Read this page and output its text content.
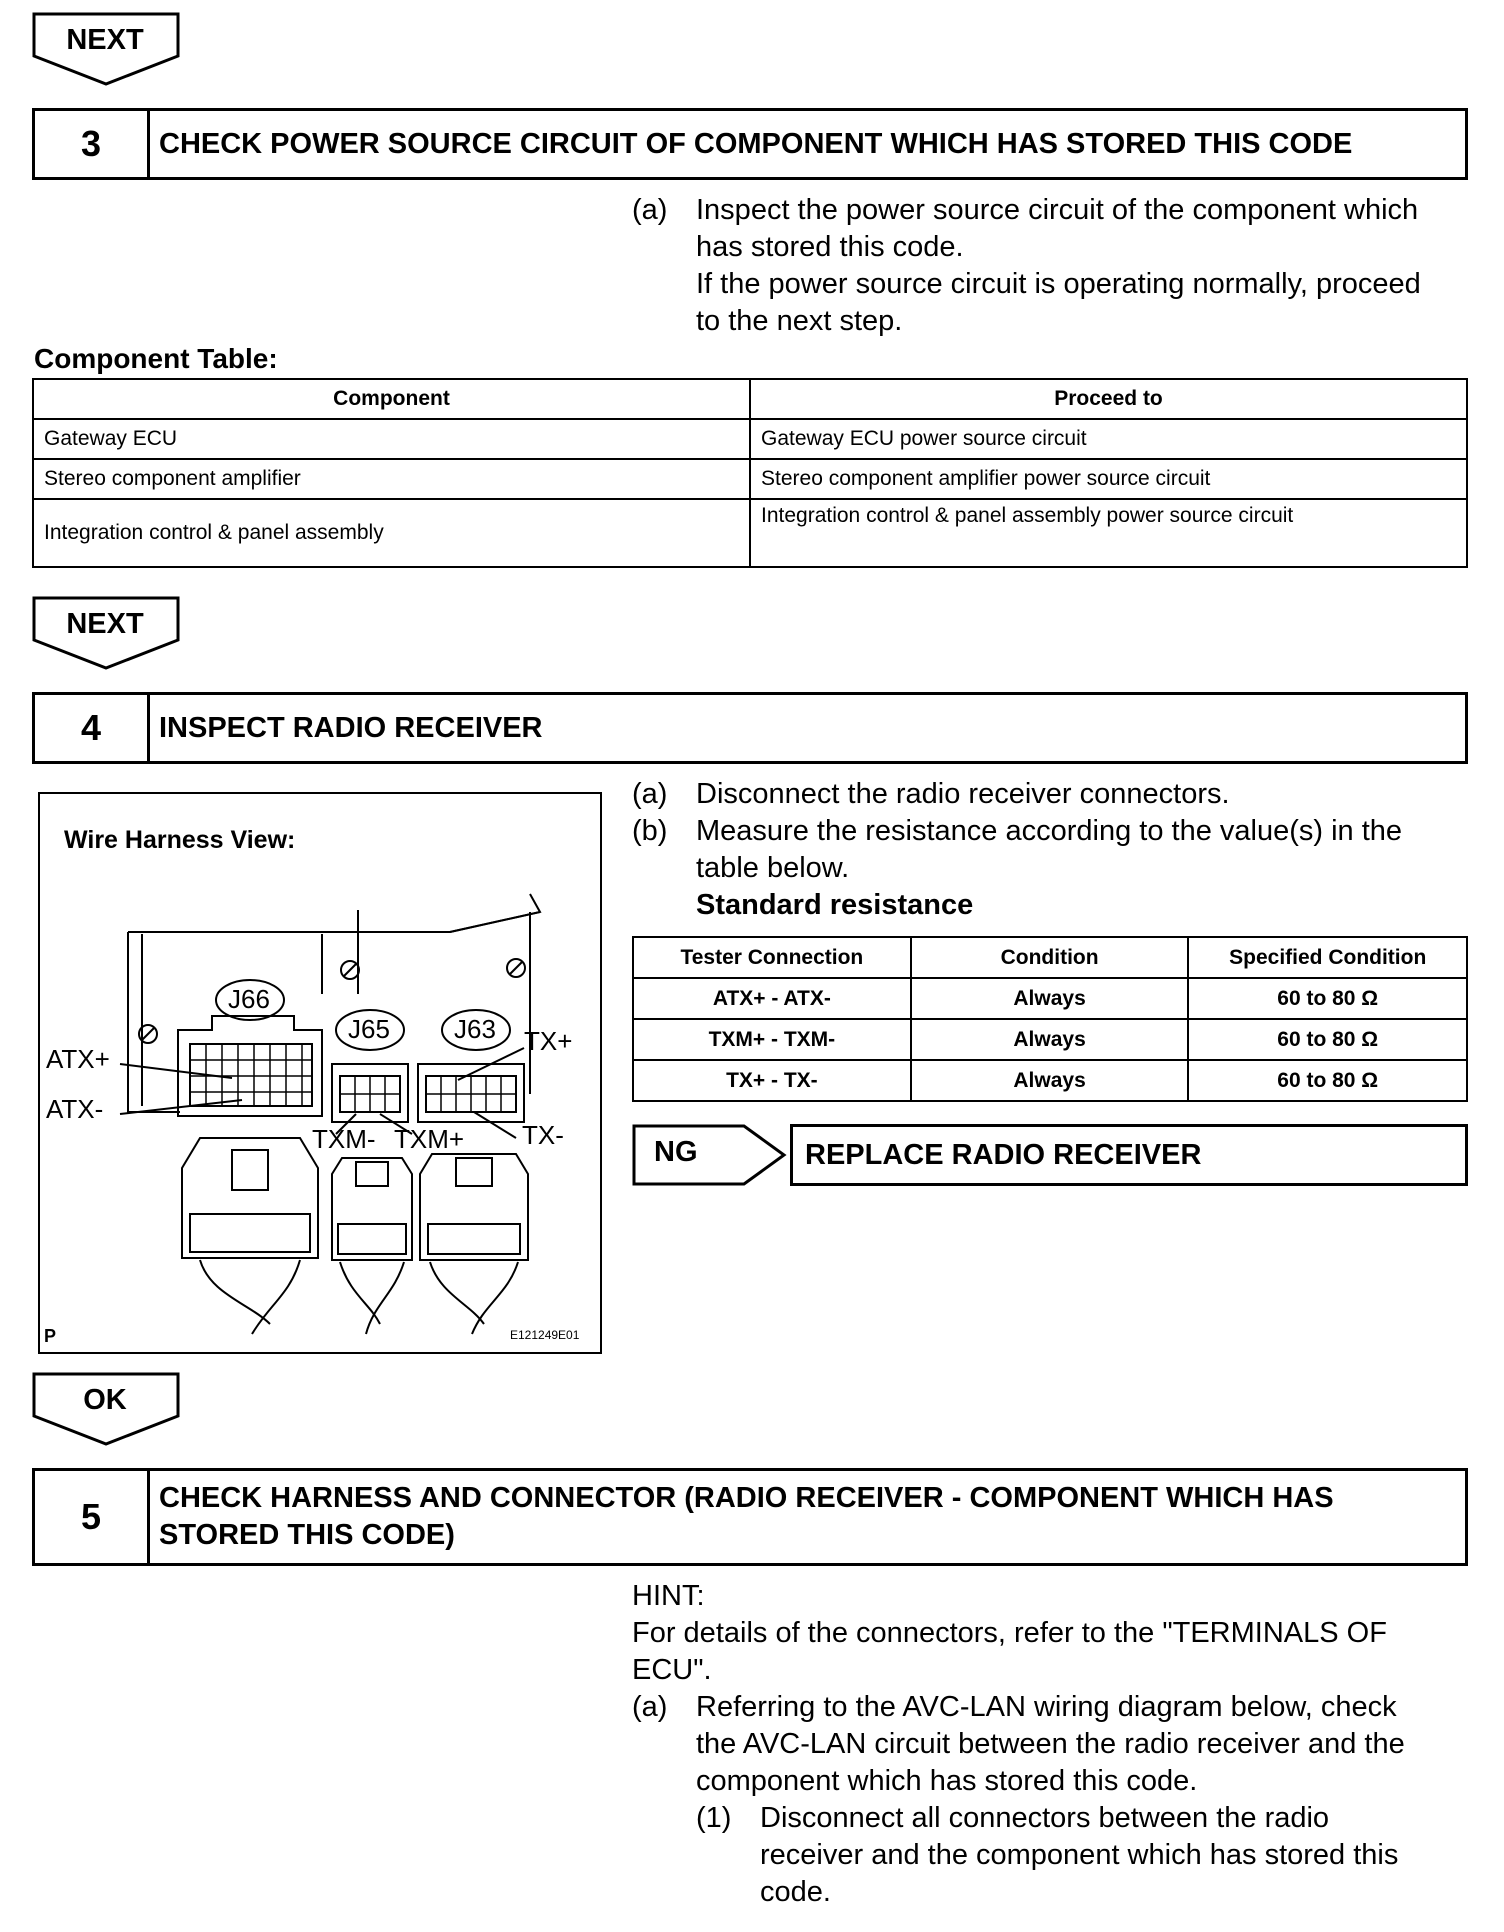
NEXT
3	CHECK POWER SOURCE CIRCUIT OF COMPONENT WHICH HAS STORED THIS CODE
(a) Inspect the power source circuit of the component which
has stored this code.
If the power source circuit is operating normally, proceed
to the next step.
Component Table:
Component	Proceed to
Gateway ECU	Gateway ECU power source circuit
Stereo component amplifier	Stereo component amplifier power source circuit
Integration control & panel assembly	Integration control & panel assembly power source circuit
NEXT
4	INSPECT RADIO RECEIVER
Wire Harness View:
J66
J65 J63
ATX+
ATX-
TX+
TXM- TXM+ TX-
P	E121249E01
(a) Disconnect the radio receiver connectors.
(b) Measure the resistance according to the value(s) in the
table below.
Standard resistance
Tester Connection	Condition	Specified Condition
ATX+ - ATX-	Always	60 to 80 Ω
TXM+ - TXM-	Always	60 to 80 Ω
TX+ - TX-	Always	60 to 80 Ω
NG	REPLACE RADIO RECEIVER
OK
5	CHECK HARNESS AND CONNECTOR (RADIO RECEIVER - COMPONENT WHICH HAS
STORED THIS CODE)
HINT:
For details of the connectors, refer to the "TERMINALS OF
ECU".
(a) Referring to the AVC-LAN wiring diagram below, check
the AVC-LAN circuit between the radio receiver and the
component which has stored this code.
(1) Disconnect all connectors between the radio
receiver and the component which has stored this
code.
